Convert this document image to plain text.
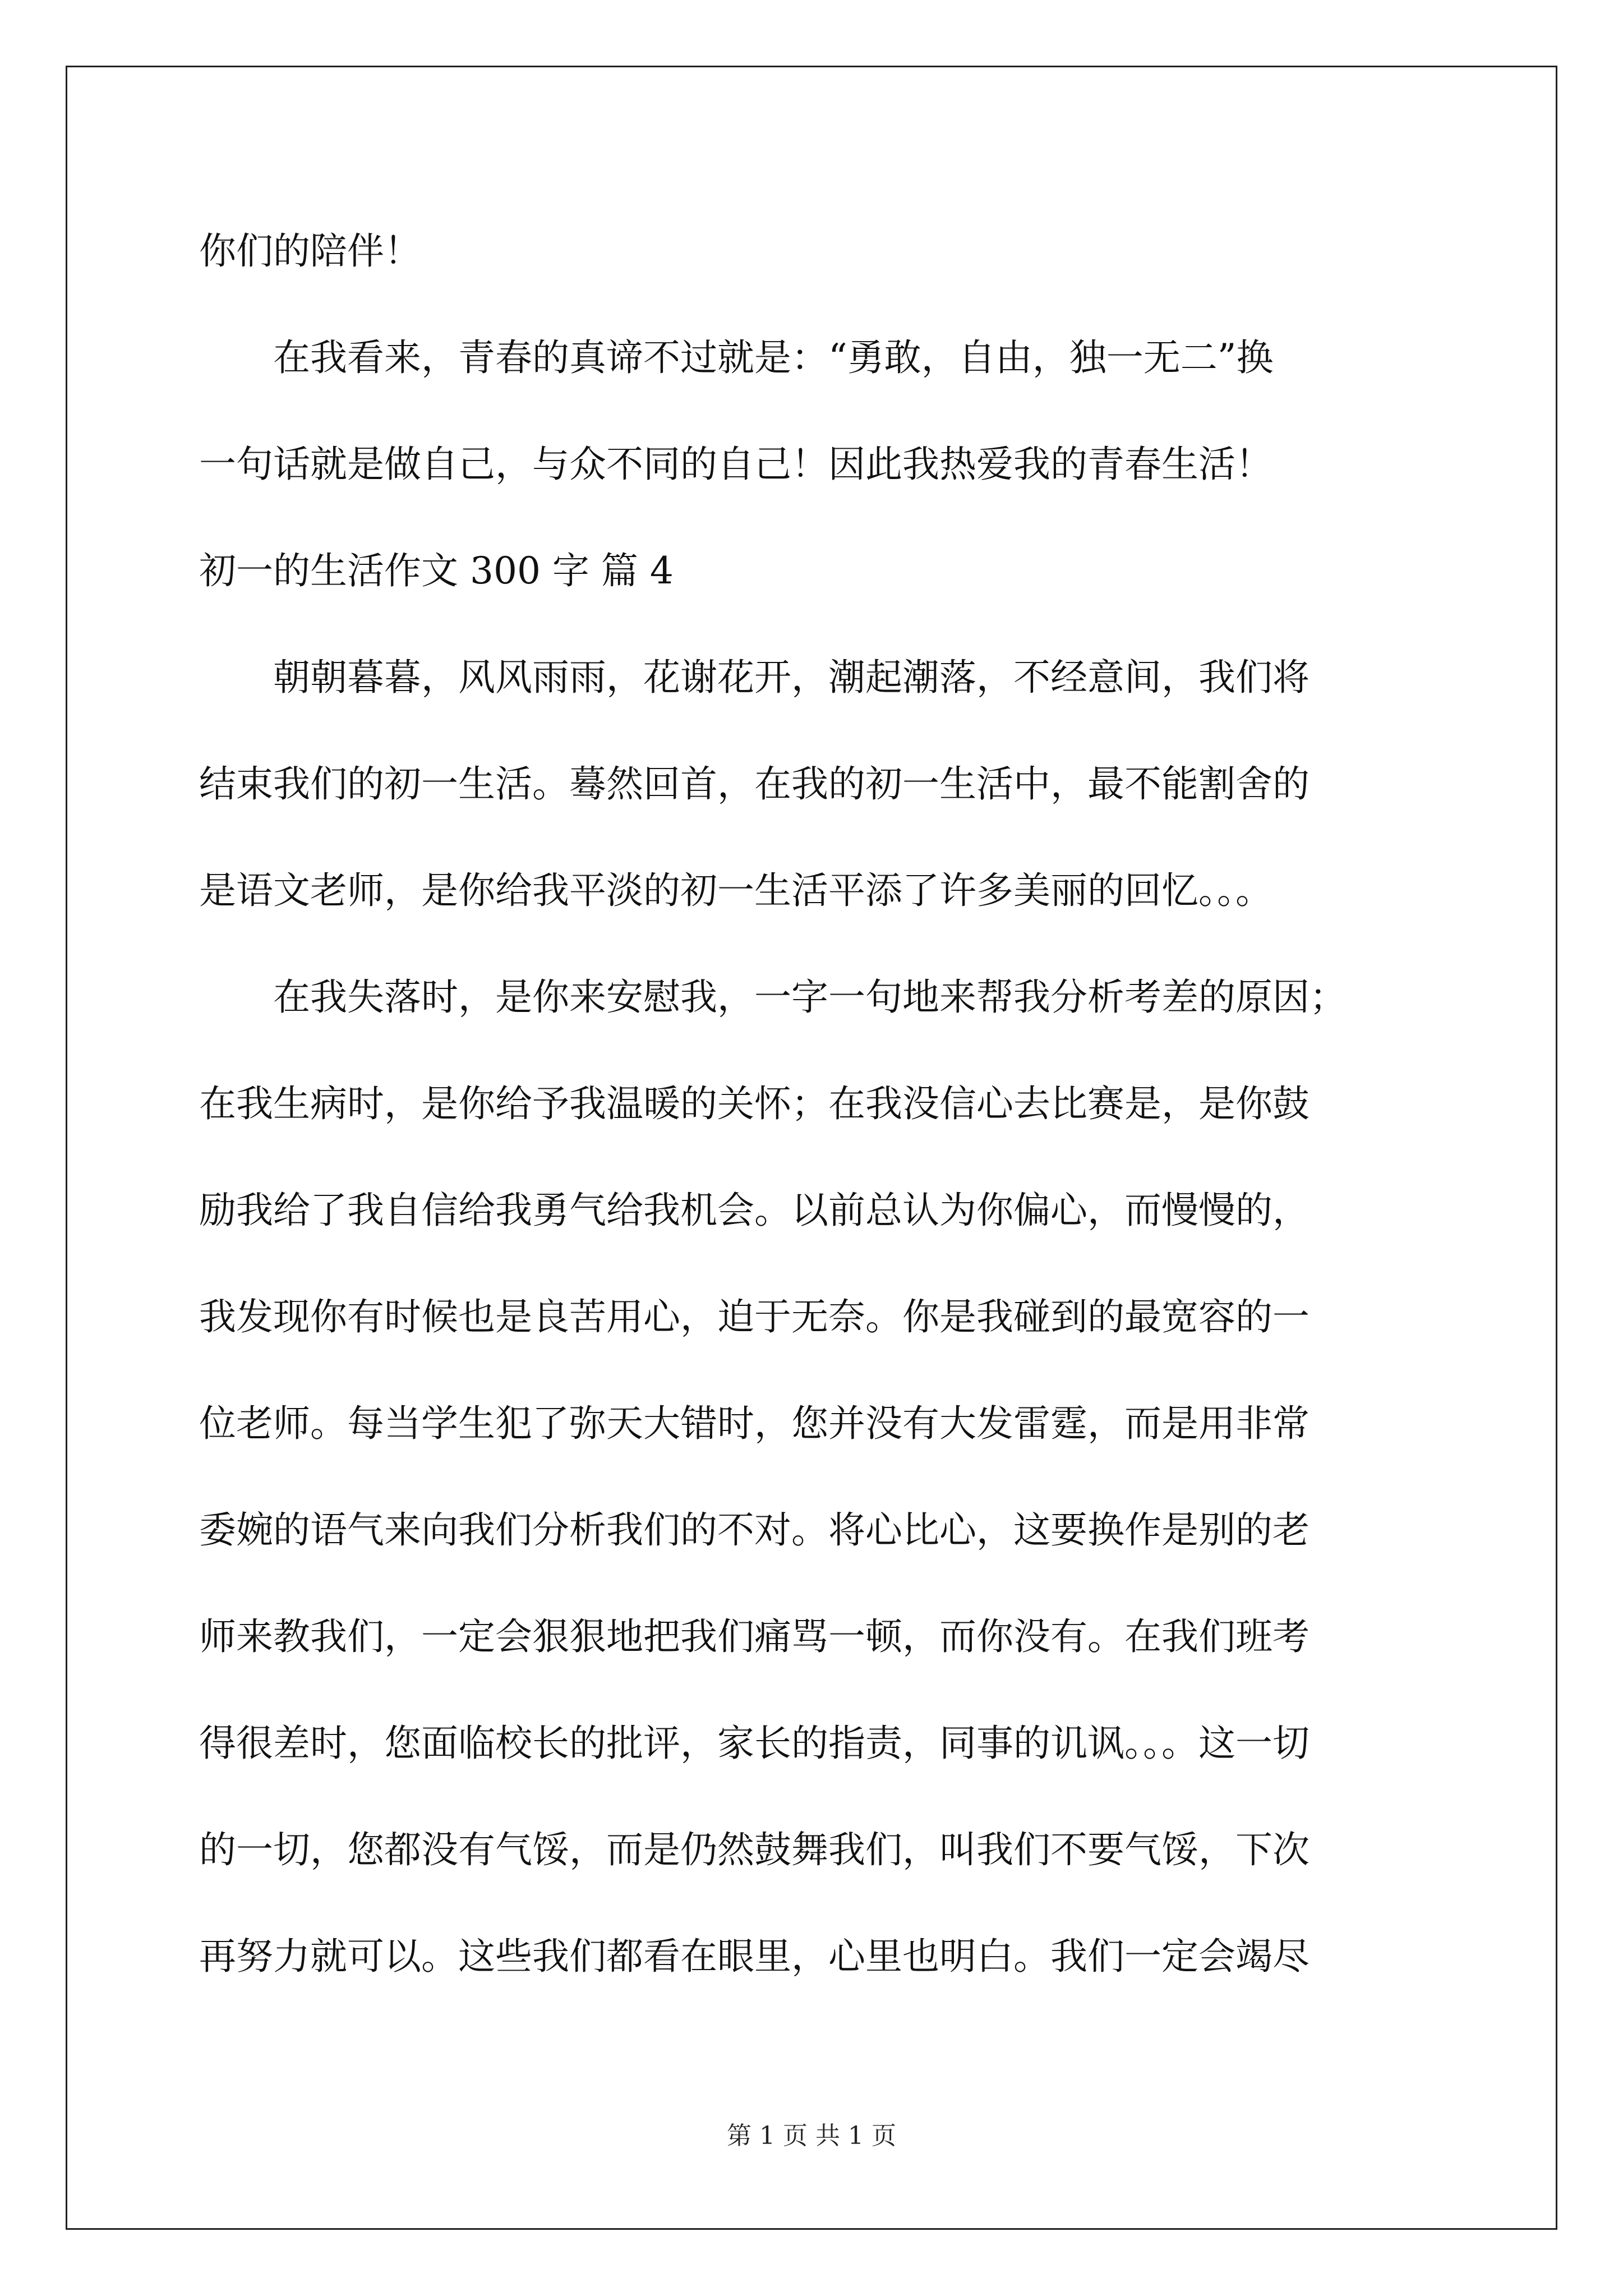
你们的陪伴！
　　在我看来，青春的真谛不过就是：“勇敢，自由，独一无二”换
一句话就是做自己，与众不同的自己！因此我热爱我的青春生活！
初一的生活作文 300 字 篇 4
　　朝朝暮暮，风风雨雨，花谢花开，潮起潮落，不经意间，我们将
结束我们的初一生活。蓦然回首，在我的初一生活中，最不能割舍的
是语文老师，是你给我平淡的初一生活平添了许多美丽的回忆。。。
　　在我失落时，是你来安慰我，一字一句地来帮我分析考差的原因；
在我生病时，是你给予我温暖的关怀；在我没信心去比赛是，是你鼓
励我给了我自信给我勇气给我机会。以前总认为你偏心，而慢慢的，
我发现你有时候也是良苦用心，迫于无奈。你是我碰到的最宽容的一
位老师。每当学生犯了弥天大错时，您并没有大发雷霆，而是用非常
委婉的语气来向我们分析我们的不对。将心比心，这要换作是别的老
师来教我们，一定会狠狠地把我们痛骂一顿，而你没有。在我们班考
得很差时，您面临校长的批评，家长的指责，同事的讥讽。。。这一切
的一切，您都没有气馁，而是仍然鼓舞我们，叫我们不要气馁，下次
再努力就可以。这些我们都看在眼里，心里也明白。我们一定会竭尽
第 1 页 共 1 页
